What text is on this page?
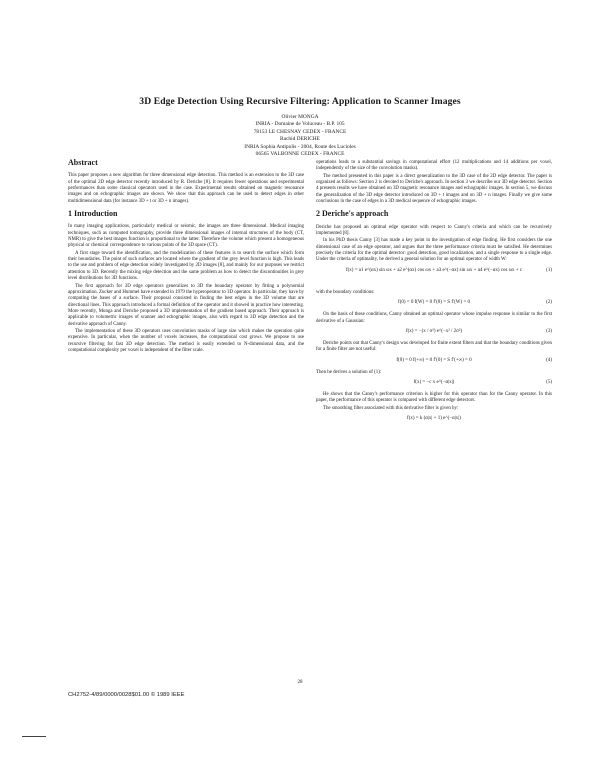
3D Edge Detection Using Recursive Filtering: Application to Scanner Images
Olivier MONGA
INRIA - Domaine de Voluceau - B.P. 105
78153 LE CHESNAY CEDEX - FRANCE
Rachid DERICHE
INRIA Sophia Antipolis - 2004, Route des Lucioles
06565 VALBONNE CEDEX - FRANCE
Abstract

This paper proposes a new algorithm for three dimensional edge detection. This method is an extension to the 3D case of the optimal 2D edge detector recently introduced by R. Deriche [8]. It requires fewer operations and experimental performances than some classical operators used in the case. Experimental results obtained on magnetic resonance images and on echographic images are shown. We show that this approach can be used to detect edges in other multidimensional data (for instance 3D + t or 3D + n images).

1 Introduction

In many imaging applications, particularly medical or seismic, the images are three dimensional. Medical imaging techniques, such as computed tomography, provide three dimensional images of internal structures of the body (CT, NMR) to give the best images function is proportional to the latter. Therefore the volume which present a homogeneous physical or chemical correspondence to various points of the 3D space (CT).

A first stage toward the identification, and the modelization of these features is to search the surface which form their boundaries. The point of such surfaces are located where the gradient of the grey level function is high. This leads to the use and problem of edge detection widely investigated by 2D images [8], and mainly for our purposes we restrict attention to 3D. Recently the mixing edge detection and the same problem as how to detect the discontinuities in grey level distributions for 3D functions.

The first approach for 3D edge operators generalizes to 3D the boundary operator by fitting a polynomial approximation. Zucker and Hummel have extended in 1979 the hyperoperator to 3D operator. In particular, they have by computing the bases of a surface. Their proposal consisted in finding the best edges in the 3D volume that are directional lines. This approach introduced a formal definition of the operator and it showed in practice how interesting. More recently, Monga and Deriche proposed a 3D implementation of the gradient based approach. Their approach is applicable to volumetric images of scanner and echographic images, also with regard to 3D edge detection and the derivative approach of Canny.

The implementation of these 3D operators uses convolution masks of large size which makes the operation quite expensive. In particular, when the number of voxels increases, the computational cost grows. We propose to use recursive filtering for fast 3D edge detection. The method is easily extended to N-dimensional data, and the computational complexity per voxel is independent of the filter scale.

operations leads to a substantial savings in computational effort (12 multiplications and 14 additions per voxel, independently of the size of the convolution masks).

The method presented in this paper is a direct generalization to the 3D case of the 2D edge detector. The paper is organized as follows: Section 2 is devoted to Deriche's approach. In section 3 we describe our 3D edge detector. Section 4 presents results we have obtained on 3D magnetic resonance images and echographic images. In section 5, we discuss the generalization of the 3D edge detector introduced on 3D + t images and on 3D + n images. Finally we give some conclusions in the case of edges in a 3D medical sequence of echographic images.

2 Deriche's approach

Deriche has proposed an optimal edge operator with respect to Canny's criteria and which can be recursively implemented [8].

In his PhD thesis Canny [3] has made a key point in the investigation of edge finding. He first considers the one dimensional case of an edge operator, and argues that the three performance criteria must be satisfied. He determines precisely the criteria for the optimal detector: good detection, good localization, and a single response to a single edge. Under the criteria of optimality, he derived a general solution for an optimal operator of width W:

f(x) = a1 e^(αx) sin ωx + a2 e^(αx) cos ωx + a3 e^(−αx) sin ωx + a4 e^(−αx) cos ωx + c	(1)

with the boundary conditions:

f(0) = 0 f(W) = 0 f′(0) = S f′(W) = 0	(2)

On the basis of these conditions, Canny obtained an optimal operator whose impulse response is similar to the first derivative of a Gaussian:

f(x) = −(x / σ²) e^(−x² / 2σ²)	(3)

Deriche points out that Canny's design was developed for finite extent filters and that the boundary conditions given for a finite filter are not useful:

f(0) = 0 f(+∞) = 0 f′(0) = S f′(+∞) = 0	(4)

Then he derives a solution of (1):

f(x) = −c x e^(−α|x|)	(5)

He shows that the Canny's performance criterion is higher for this operator than for the Canny operator. In this paper, the performance of this operator is compared with different edge detectors.

The smoothing filter associated with this derivative filter is given by:

f(x) = k (α|x| + 1) e^(−α|x|)
28
CH2752-4/89/0000/0028$01.00 © 1989 IEEE
